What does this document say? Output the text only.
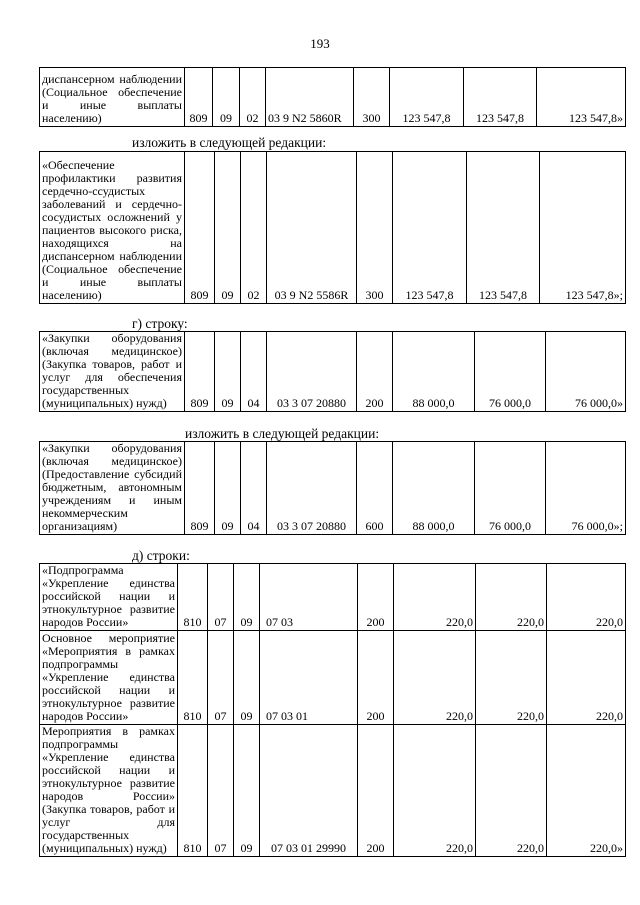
193
диспансерном наблюдении (Социальное обеспечение и иные выплаты населению)	809	09	02	03 9 N2 5860R	300	123 547,8	123 547,8	123 547,8»
изложить в следующей редакции:
«Обеспечение профилактики развития сердечно-ссудистых заболеваний и сердечно-сосудистых осложнений у пациентов высокого риска, находящихся на диспансерном наблюдении (Социальное обеспечение и иные выплаты населению)	809	09	02	03 9 N2 5586R	300	123 547,8	123 547,8	123 547,8»;
г) строку:
«Закупки оборудования (включая медицинское) (Закупка товаров, работ и услуг для обеспечения государственных (муниципальных) нужд)	809	09	04	03 3 07 20880	200	88 000,0	76 000,0	76 000,0»
изложить в следующей редакции:
«Закупки оборудования (включая медицинское) (Предоставление субсидий бюджетным, автономным учреждениям и иным некоммерческим организациям)	809	09	04	03 3 07 20880	600	88 000,0	76 000,0	76 000,0»;
д) строки:
«Подпрограмма «Укрепление единства российской нации и этнокультурное развитие народов России»	810	07	09	07 03	200	220,0	220,0	220,0
Основное мероприятие «Мероприятия в рамках подпрограммы «Укрепление единства российской нации и этнокультурное развитие народов России»	810	07	09	07 03 01	200	220,0	220,0	220,0
Мероприятия в рамках подпрограммы «Укрепление единства российской нации и этнокультурное развитие народов России» (Закупка товаров, работ и услуг для государственных (муниципальных) нужд)	810	07	09	07 03 01 29990	200	220,0	220,0	220,0»
